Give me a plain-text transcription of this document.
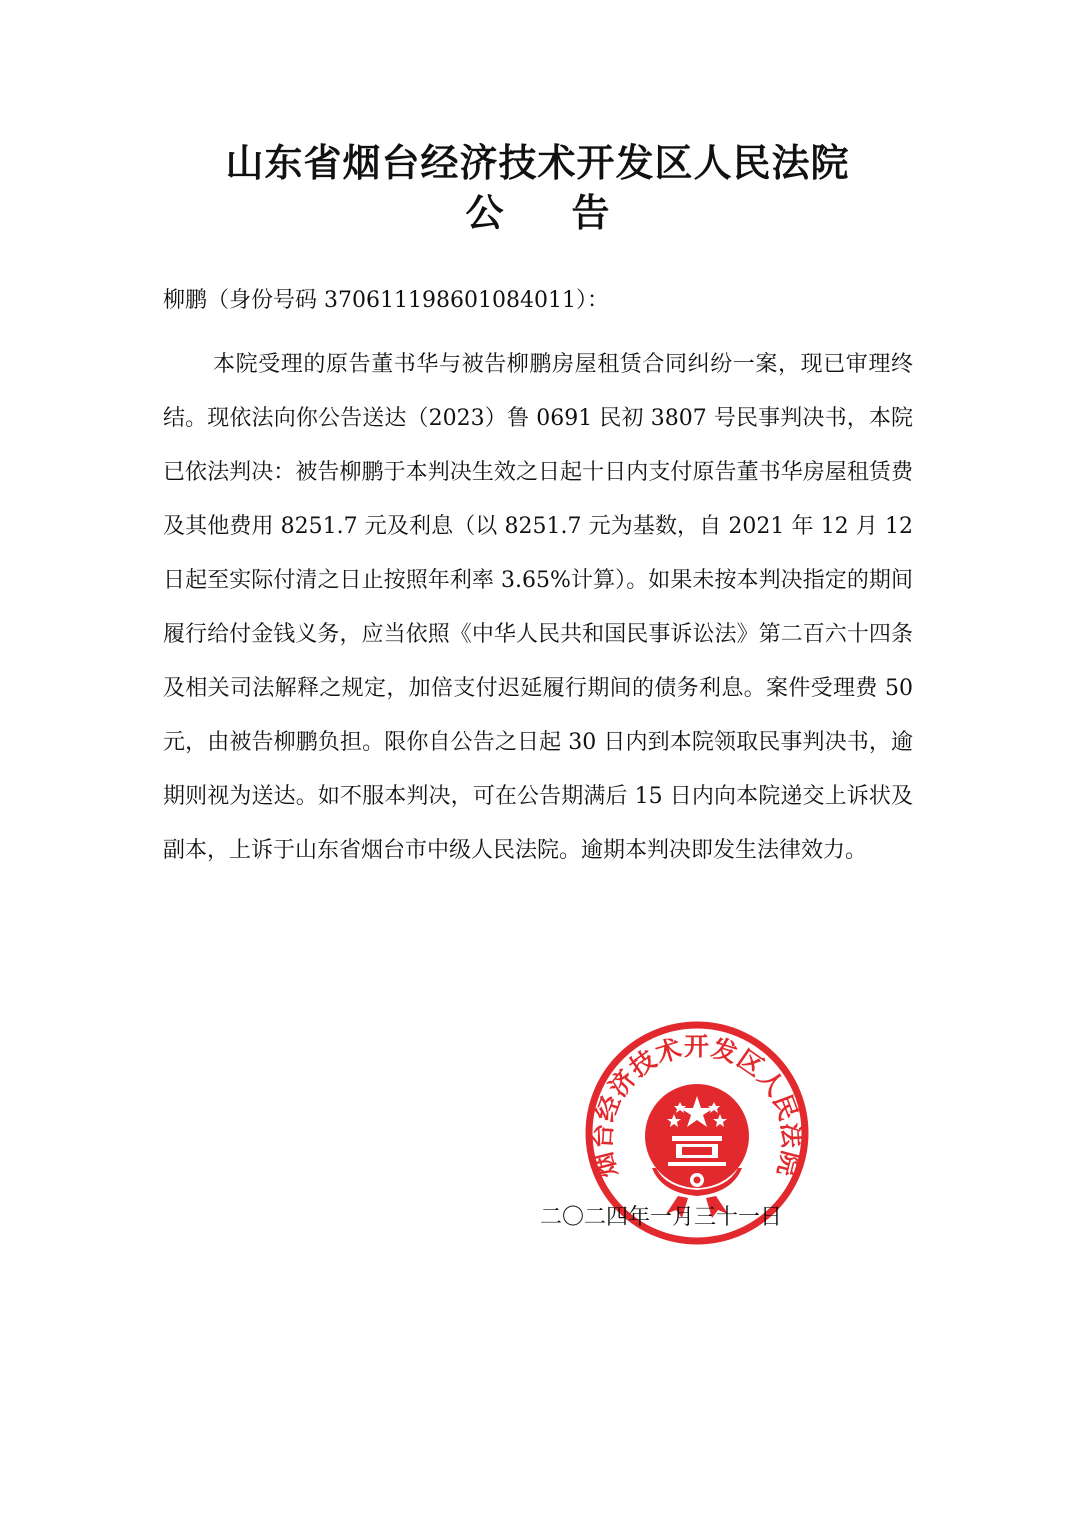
山东省烟台经济技术开发区人民法院
公告
柳鹏（身份号码 370611198601084011）：
本院受理的原告董书华与被告柳鹏房屋租赁合同纠纷一案，现已审理终结。现依法向你公告送达（2023）鲁 0691 民初 3807 号民事判决书，本院已依法判决：被告柳鹏于本判决生效之日起十日内支付原告董书华房屋租赁费及其他费用 8251.7 元及利息（以 8251.7 元为基数，自 2021 年 12 月 12 日起至实际付清之日止按照年利率 3.65%计算）。如果未按本判决指定的期间履行给付金钱义务，应当依照《中华人民共和国民事诉讼法》第二百六十四条及相关司法解释之规定，加倍支付迟延履行期间的债务利息。案件受理费 50 元，由被告柳鹏负担。限你自公告之日起 30 日内到本院领取民事判决书，逾期则视为送达。如不服本判决，可在公告期满后 15 日内向本院递交上诉状及副本，上诉于山东省烟台市中级人民法院。逾期本判决即发生法律效力。
二〇二四年一月三十一日
烟台经济技术开发区人民法院
